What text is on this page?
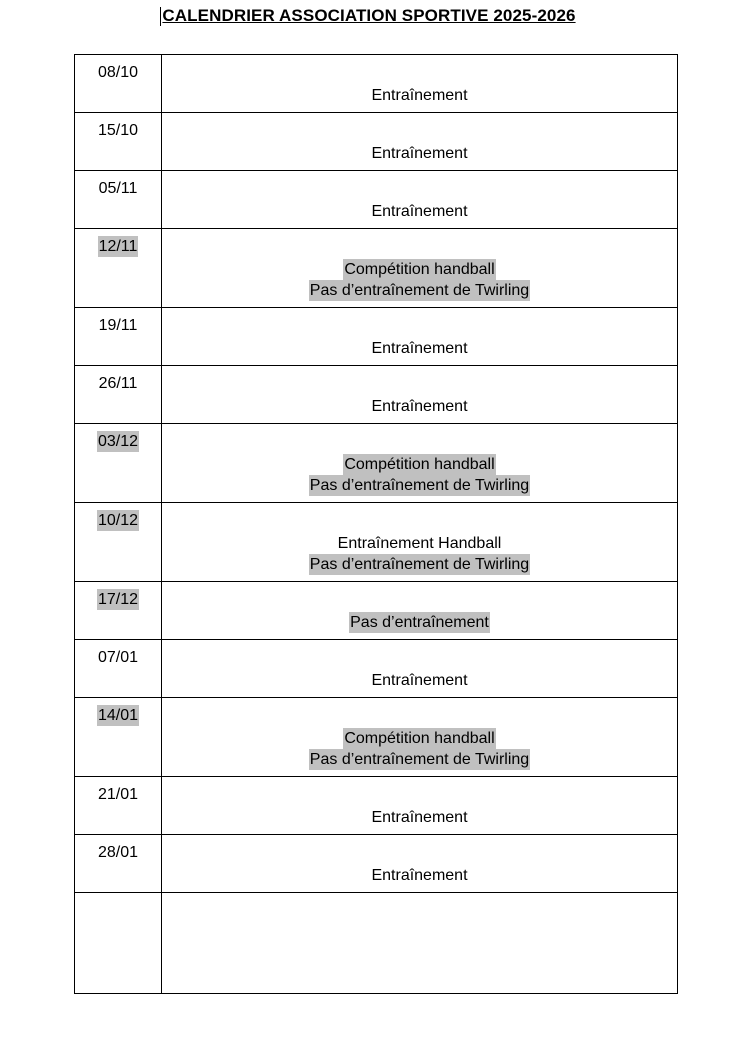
CALENDRIER ASSOCIATION SPORTIVE 2025-2026
08/10	Entraînement

15/10	Entraînement

05/11	Entraînement

12/11	Compétition handball
Pas d’entraînement de Twirling

19/11	Entraînement

26/11	Entraînement

03/12	Compétition handball
Pas d’entraînement de Twirling

10/12	Entraînement Handball
Pas d’entraînement de Twirling

17/12	Pas d’entraînement

07/01	Entraînement

14/01	Compétition handball
Pas d’entraînement de Twirling

21/01	Entraînement

28/01	Entraînement
